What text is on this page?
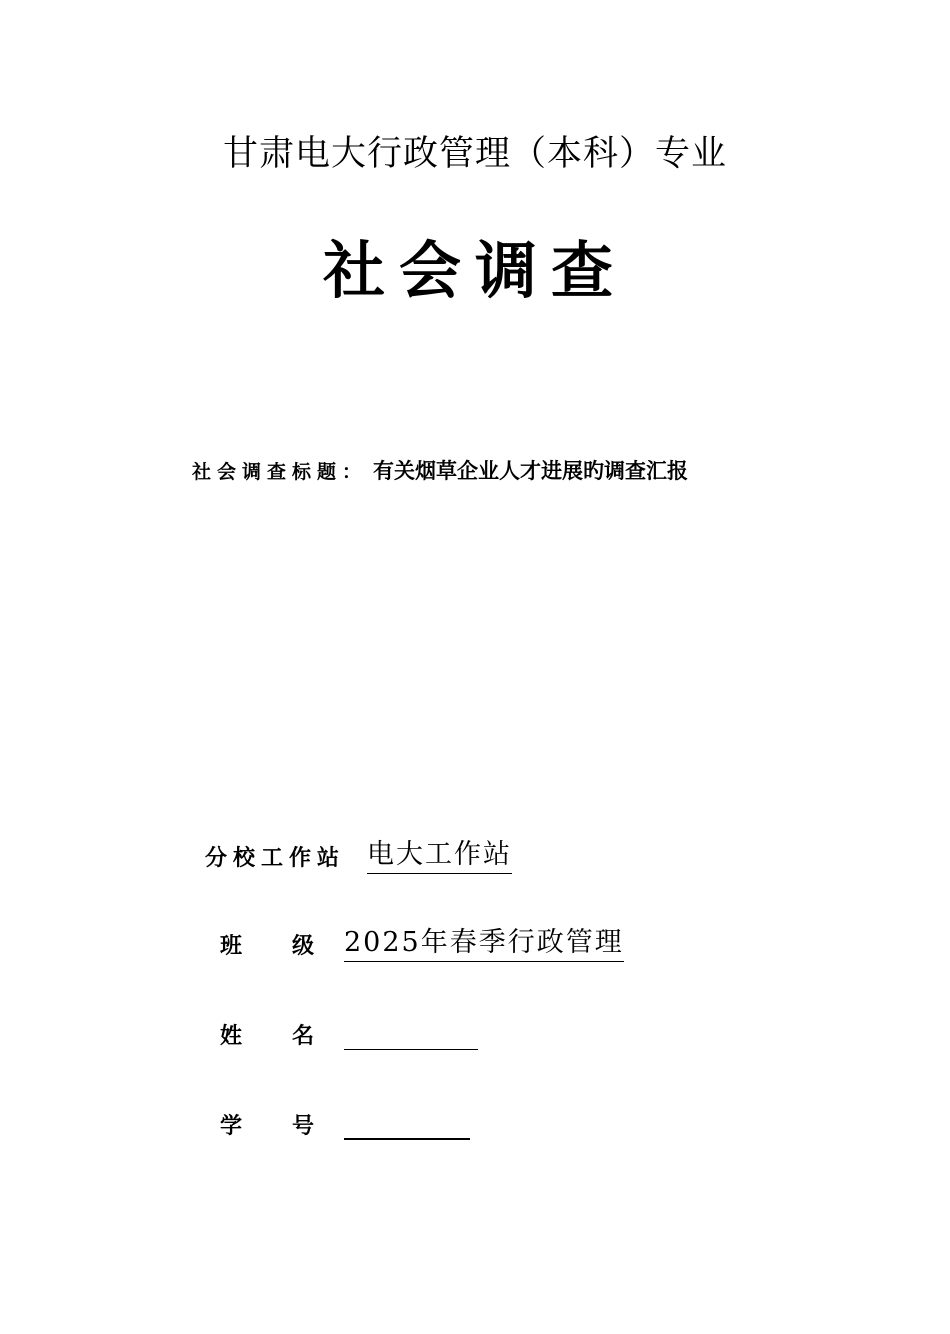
甘肃电大行政管理（本科）专业
社会调查
社会调查标题： 有关烟草企业人才进展旳调查汇报
分校工作站 电大工作站
班级
2025年春季行政管理
姓名
学号
